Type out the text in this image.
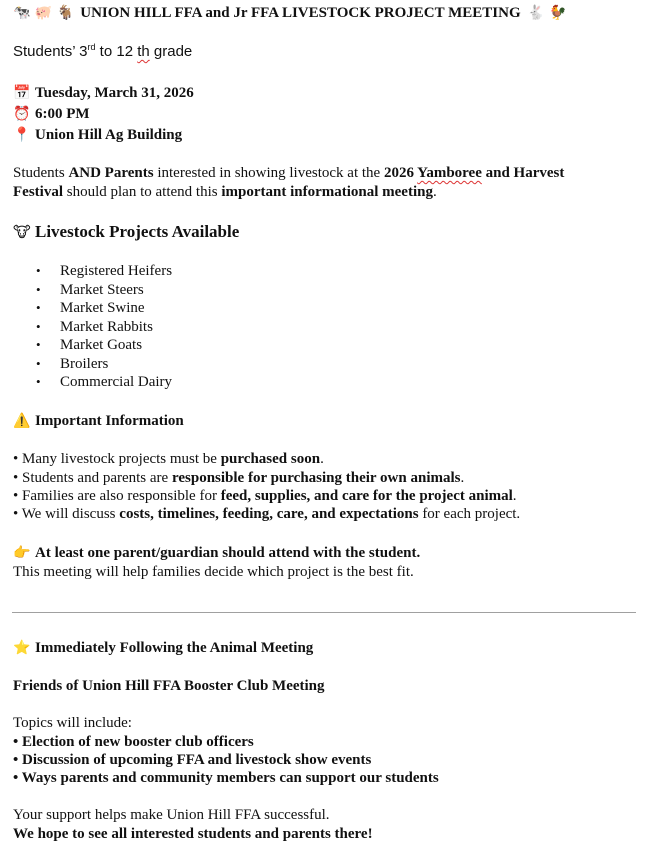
🐄 🐖 🐐 UNION HILL FFA and Jr FFA LIVESTOCK PROJECT MEETING 🐇 🐓
Students’ 3rd to 12 th grade
📅 Tuesday, March 31, 2026
⏰ 6:00 PM
📍 Union Hill Ag Building
Students AND Parents interested in showing livestock at the 2026 Yamboree and Harvest
Festival should plan to attend this important informational meeting.
🐮 Livestock Projects Available
• Registered Heifers
• Market Steers
• Market Swine
• Market Rabbits
• Market Goats
• Broilers
• Commercial Dairy
⚠️ Important Information
• Many livestock projects must be purchased soon.
• Students and parents are responsible for purchasing their own animals.
• Families are also responsible for feed, supplies, and care for the project animal.
• We will discuss costs, timelines, feeding, care, and expectations for each project.
👉 At least one parent/guardian should attend with the student.
This meeting will help families decide which project is the best fit.
⭐ Immediately Following the Animal Meeting
Friends of Union Hill FFA Booster Club Meeting
Topics will include:
• Election of new booster club officers
• Discussion of upcoming FFA and livestock show events
• Ways parents and community members can support our students
Your support helps make Union Hill FFA successful.
We hope to see all interested students and parents there!
